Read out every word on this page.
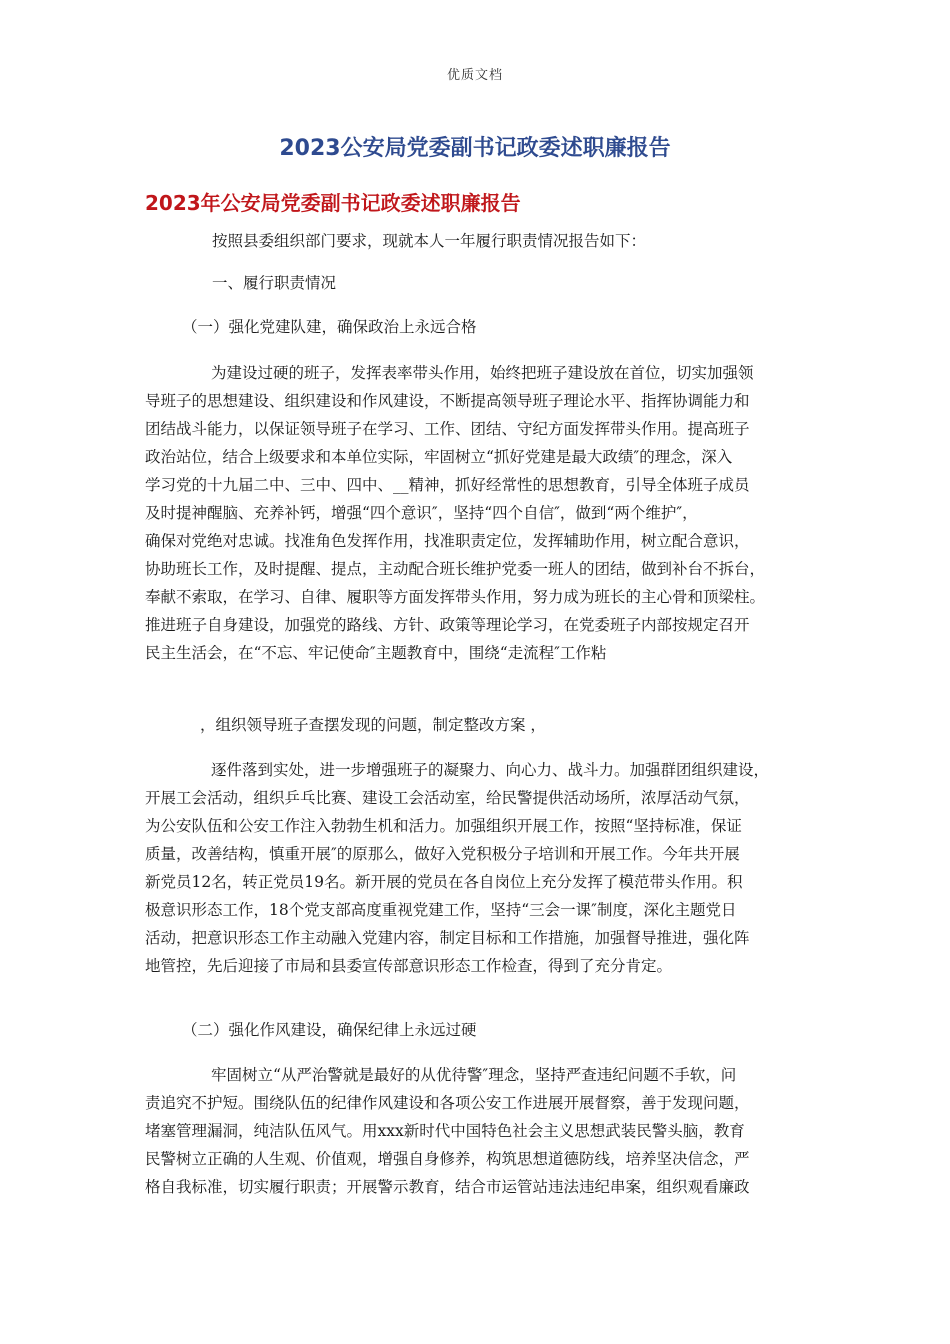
优质文档
2023公安局党委副书记政委述职廉报告
2023年公安局党委副书记政委述职廉报告
按照县委组织部门要求，现就本人一年履行职责情况报告如下：
一、履行职责情况
（一）强化党建队建，确保政治上永远合格
为建设过硬的班子，发挥表率带头作用，始终把班子建设放在首位，切实加强领
导班子的思想建设、组织建设和作风建设，不断提高领导班子理论水平、指挥协调能力和
团结战斗能力，以保证领导班子在学习、工作、团结、守纪方面发挥带头作用。提高班子
政治站位，结合上级要求和本单位实际，牢固树立“抓好党建是最大政绩″的理念，深入
学习党的十九届二中、三中、四中、__精神，抓好经常性的思想教育，引导全体班子成员
及时提神醒脑、充养补钙，增强“四个意识″，坚持“四个自信″，做到“两个维护″，
确保对党绝对忠诚。找准角色发挥作用，找准职责定位，发挥辅助作用，树立配合意识，
协助班长工作，及时提醒、提点，主动配合班长维护党委一班人的团结，做到补台不拆台，
奉献不索取，在学习、自律、履职等方面发挥带头作用，努力成为班长的主心骨和顶梁柱。
推进班子自身建设，加强党的路线、方针、政策等理论学习，在党委班子内部按规定召开
民主生活会，在“不忘、牢记使命″主题教育中，围绕“走流程″工作粘
，组织领导班子查摆发现的问题，制定整改方案 ，
逐件落到实处，进一步增强班子的凝聚力、向心力、战斗力。加强群团组织建设，
开展工会活动，组织乒乓比赛、建设工会活动室，给民警提供活动场所，浓厚活动气氛，
为公安队伍和公安工作注入勃勃生机和活力。加强组织开展工作，按照“坚持标准，保证
质量，改善结构，慎重开展″的原那么，做好入党积极分子培训和开展工作。今年共开展
新党员12名，转正党员19名。新开展的党员在各自岗位上充分发挥了模范带头作用。积
极意识形态工作，18个党支部高度重视党建工作，坚持“三会一课″制度，深化主题党日
活动，把意识形态工作主动融入党建内容，制定目标和工作措施，加强督导推进，强化阵
地管控，先后迎接了市局和县委宣传部意识形态工作检查，得到了充分肯定。
（二）强化作风建设，确保纪律上永远过硬
牢固树立“从严治警就是最好的从优待警″理念，坚持严查违纪问题不手软，问
责追究不护短。围绕队伍的纪律作风建设和各项公安工作进展开展督察，善于发现问题，
堵塞管理漏洞，纯洁队伍风气。用xxx新时代中国特色社会主义思想武装民警头脑，教育
民警树立正确的人生观、价值观，增强自身修养，构筑思想道德防线，培养坚决信念，严
格自我标准，切实履行职责；开展警示教育，结合市运管站违法违纪串案，组织观看廉政
